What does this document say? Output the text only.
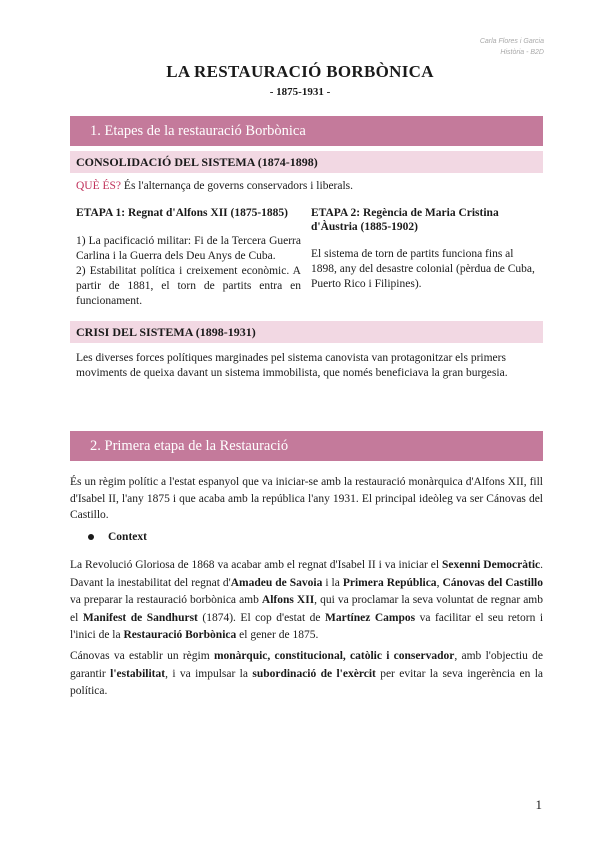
Carla Flores i Garcia
Història - B2D
LA RESTAURACIÓ BORBÒNICA
- 1875-1931 -
1. Etapes de la restauració Borbònica
CONSOLIDACIÓ DEL SISTEMA (1874-1898)
QUÈ ÉS? És l'alternança de governs conservadors i liberals.
ETAPA 1: Regnat d'Alfons XII (1875-1885)
1) La pacificació militar: Fi de la Tercera Guerra Carlina i la Guerra dels Deu Anys de Cuba.
2) Estabilitat política i creixement econòmic. A partir de 1881, el torn de partits entra en funcionament.
ETAPA 2: Regència de Maria Cristina d'Àustria (1885-1902)
El sistema de torn de partits funciona fins al 1898, any del desastre colonial (pèrdua de Cuba, Puerto Rico i Filipines).
CRISI DEL SISTEMA (1898-1931)
Les diverses forces polítiques marginades pel sistema canovista van protagonitzar els primers moviments de queixa davant un sistema immobilista, que només beneficiava la gran burgesia.
2. Primera etapa de la Restauració
És un règim polític a l'estat espanyol que va iniciar-se amb la restauració monàrquica d'Alfons XII, fill d'Isabel II, l'any 1875 i que acaba amb la república l'any 1931. El principal ideòleg va ser Cánovas del Castillo.
Context
La Revolució Gloriosa de 1868 va acabar amb el regnat d'Isabel II i va iniciar el Sexenni Democràtic. Davant la inestabilitat del regnat d'Amadeu de Savoia i la Primera República, Cánovas del Castillo va preparar la restauració borbònica amb Alfons XII, qui va proclamar la seva voluntat de regnar amb el Manifest de Sandhurst (1874). El cop d'estat de Martínez Campos va facilitar el seu retorn i l'inici de la Restauració Borbònica el gener de 1875.
Cánovas va establir un règim monàrquic, constitucional, catòlic i conservador, amb l'objectiu de garantir l'estabilitat, i va impulsar la subordinació de l'exèrcit per evitar la seva ingerència en la política.
1
